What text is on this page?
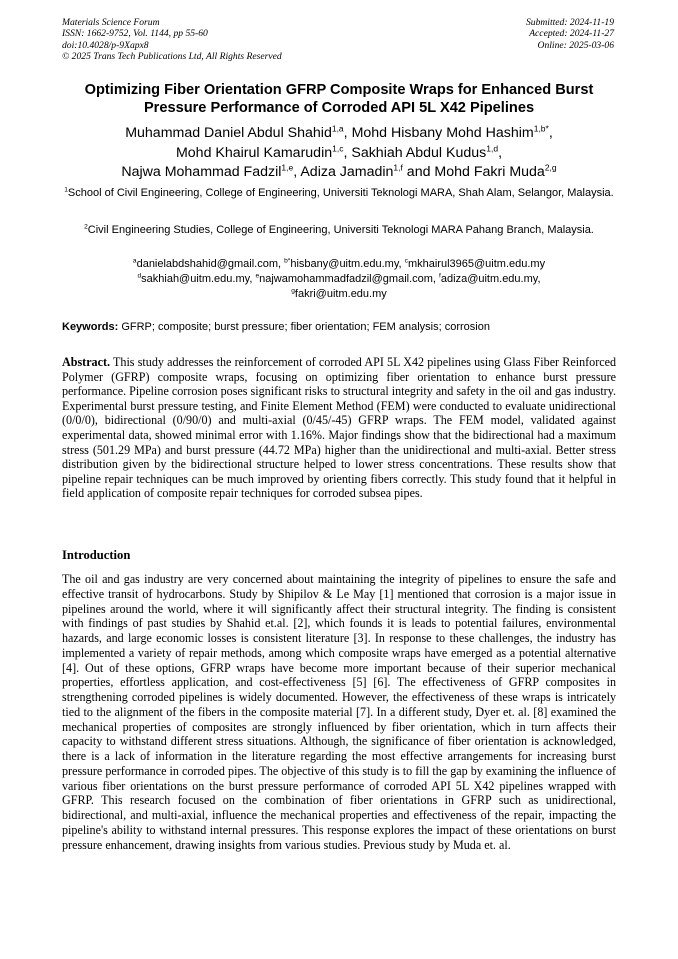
Materials Science Forum
ISSN: 1662-9752, Vol. 1144, pp 55-60
doi:10.4028/p-9Xapx8
© 2025 Trans Tech Publications Ltd, All Rights Reserved
Submitted: 2024-11-19
Accepted: 2024-11-27
Online: 2025-03-06
Optimizing Fiber Orientation GFRP Composite Wraps for Enhanced Burst Pressure Performance of Corroded API 5L X42 Pipelines
Muhammad Daniel Abdul Shahid$^{1,a}$, Mohd Hisbany Mohd Hashim$^{1,b*}$,
Mohd Khairul Kamarudin$^{1,c}$, Sakhiah Abdul Kudus$^{1,d}$,
Najwa Mohammad Fadzil$^{1,e}$, Adiza Jamadin$^{1,f}$ and Mohd Fakri Muda$^{2,g}$
$^1$School of Civil Engineering, College of Engineering, Universiti Teknologi MARA, Shah Alam, Selangor, Malaysia.
$^2$Civil Engineering Studies, College of Engineering, Universiti Teknologi MARA Pahang Branch, Malaysia.
$^a$danielabdshahid@gmail.com, $^{b*}$hisbany@uitm.edu.my, $^c$mkhairul3965@uitm.edu.my
$^d$sakhiah@uitm.edu.my, $^e$najwamohammadfadzil@gmail.com, $^f$adiza@uitm.edu.my,
$^g$fakri@uitm.edu.my
Keywords: GFRP; composite; burst pressure; fiber orientation; FEM analysis; corrosion
Abstract. This study addresses the reinforcement of corroded API 5L X42 pipelines using Glass Fiber Reinforced Polymer (GFRP) composite wraps, focusing on optimizing fiber orientation to enhance burst pressure performance. Pipeline corrosion poses significant risks to structural integrity and safety in the oil and gas industry. Experimental burst pressure testing, and Finite Element Method (FEM) were conducted to evaluate unidirectional (0/0/0), bidirectional (0/90/0) and multi-axial (0/45/-45) GFRP wraps. The FEM model, validated against experimental data, showed minimal error with 1.16%. Major findings show that the bidirectional had a maximum stress (501.29 MPa) and burst pressure (44.72 MPa) higher than the unidirectional and multi-axial. Better stress distribution given by the bidirectional structure helped to lower stress concentrations. These results show that pipeline repair techniques can be much improved by orienting fibers correctly. This study found that it helpful in field application of composite repair techniques for corroded subsea pipes.
Introduction
The oil and gas industry are very concerned about maintaining the integrity of pipelines to ensure the safe and effective transit of hydrocarbons. Study by Shipilov & Le May [1] mentioned that corrosion is a major issue in pipelines around the world, where it will significantly affect their structural integrity. The finding is consistent with findings of past studies by Shahid et.al. [2], which founds it is leads to potential failures, environmental hazards, and large economic losses is consistent literature [3]. In response to these challenges, the industry has implemented a variety of repair methods, among which composite wraps have emerged as a potential alternative [4]. Out of these options, GFRP wraps have become more important because of their superior mechanical properties, effortless application, and cost-effectiveness [5] [6]. The effectiveness of GFRP composites in strengthening corroded pipelines is widely documented. However, the effectiveness of these wraps is intricately tied to the alignment of the fibers in the composite material [7]. In a different study, Dyer et. al. [8] examined the mechanical properties of composites are strongly influenced by fiber orientation, which in turn affects their capacity to withstand different stress situations. Although, the significance of fiber orientation is acknowledged, there is a lack of information in the literature regarding the most effective arrangements for increasing burst pressure performance in corroded pipes. The objective of this study is to fill the gap by examining the influence of various fiber orientations on the burst pressure performance of corroded API 5L X42 pipelines wrapped with GFRP. This research focused on the combination of fiber orientations in GFRP such as unidirectional, bidirectional, and multi-axial, influence the mechanical properties and effectiveness of the repair, impacting the pipeline's ability to withstand internal pressures. This response explores the impact of these orientations on burst pressure enhancement, drawing insights from various studies. Previous study by Muda et. al.
